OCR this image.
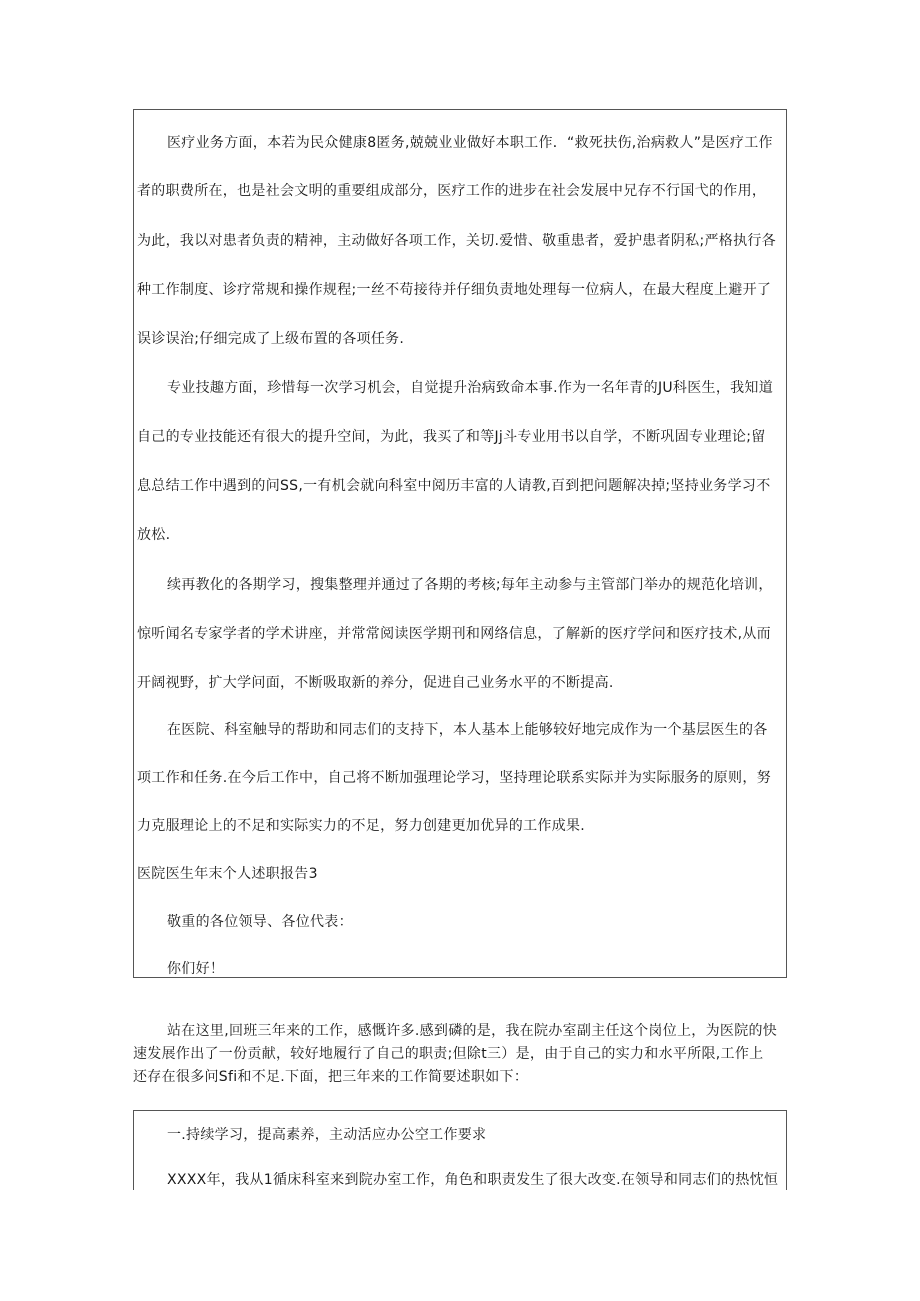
医疗业务方面，本若为民众健康8匿务,兢兢业业做好本职工作．“救死扶伤,治病救人”是医疗工作
者的职费所在，也是社会文明的重要组成部分，医疗工作的进步在社会发展中兄存不行国弋的作用，
为此，我以对患者负责的精神，主动做好各项工作，关切.爱惜、敬重患者，爱护患者阴私;严格执行各
种工作制度、诊疗常规和操作规程;一丝不苟接待并仔细负责地处理每一位病人，在最大程度上避开了
误诊误治;仔细完成了上级布置的各项任务.
专业技趣方面，珍惜每一次学习机会，自觉提升治病致命本事.作为一名年青的JU科医生，我知道
自己的专业技能还有很大的提升空间，为此，我买了和等Jj斗专业用书以自学，不断巩固专业理论;留
息总结工作中遇到的问SS,一有机会就向科室中阅历丰富的人请教,百到把问题解决掉;坚持业务学习不
放松.
续再教化的各期学习，搜集整理并通过了各期的考核;每年主动参与主管部门举办的规范化培训，
惊听闻名专家学者的学术讲座，并常常阅读医学期刊和网络信息，了解新的医疗学问和医疗技术,从而
开阔视野，扩大学问面，不断吸取新的养分，促进自己业务水平的不断提高.
在医院、科室触导的帮助和同志们的支持下，本人基本上能够较好地完成作为一个基层医生的各
项工作和任务.在今后工作中，自己将不断加强理论学习，坚持理论联系实际并为实际服务的原则，努
力克服理论上的不足和实际实力的不足，努力创建更加优异的工作成果.
医院医生年末个人述职报告3
敬重的各位领导、各位代表：
你们好！
站在这里,回班三年来的工作，感慨许多.感到磷的是，我在院办室副主任这个岗位上，为医院的快
速发展作出了一份贡献，较好地履行了自己的职责;但除t三）是，由于自己的实力和水平所限,工作上
还存在很多问Sfi和不足.下面，把三年来的工作简要述职如下：
一.持续学习，提高素养，主动活应办公空工作要求
XXXX年，我从1循床科室来到院办室工作，角色和职责发生了很大改变.在领导和同志们的热忱恒
